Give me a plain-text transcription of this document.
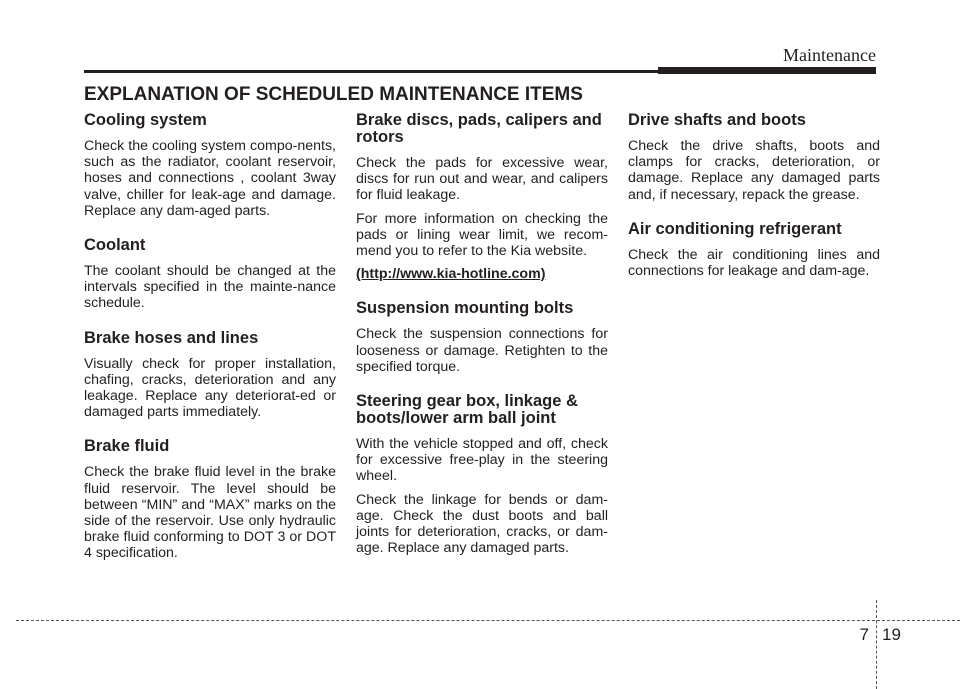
Maintenance
EXPLANATION OF SCHEDULED MAINTENANCE ITEMS
Cooling system

Check the cooling system compo-nents, such as the radiator, coolant reservoir, hoses and connections , coolant 3way valve, chiller for leak-age and damage. Replace any dam-aged parts.

Coolant

The coolant should be changed at the intervals specified in the mainte-nance schedule.

Brake hoses and lines

Visually check for proper installation, chafing, cracks, deterioration and any leakage. Replace any deteriorat-ed or damaged parts immediately.

Brake fluid

Check the brake fluid level in the brake fluid reservoir. The level should be between “MIN” and “MAX” marks on the side of the reservoir. Use only hydraulic brake fluid conforming to DOT 3 or DOT 4 specification.

Brake discs, pads, calipers and rotors

Check the pads for excessive wear, discs for run out and wear, and calipers for fluid leakage.

For more information on checking the pads or lining wear limit, we recom-mend you to refer to the Kia website.

(http://www.kia-hotline.com)

Suspension mounting bolts

Check the suspension connections for looseness or damage. Retighten to the specified torque.

Steering gear box, linkage & boots/lower arm ball joint

With the vehicle stopped and off, check for excessive free-play in the steering wheel.

Check the linkage for bends or dam-age. Check the dust boots and ball joints for deterioration, cracks, or dam-age. Replace any damaged parts.

Drive shafts and boots

Check the drive shafts, boots and clamps for cracks, deterioration, or damage. Replace any damaged parts and, if necessary, repack the grease.

Air conditioning refrigerant

Check the air conditioning lines and connections for leakage and dam-age.

7 19
